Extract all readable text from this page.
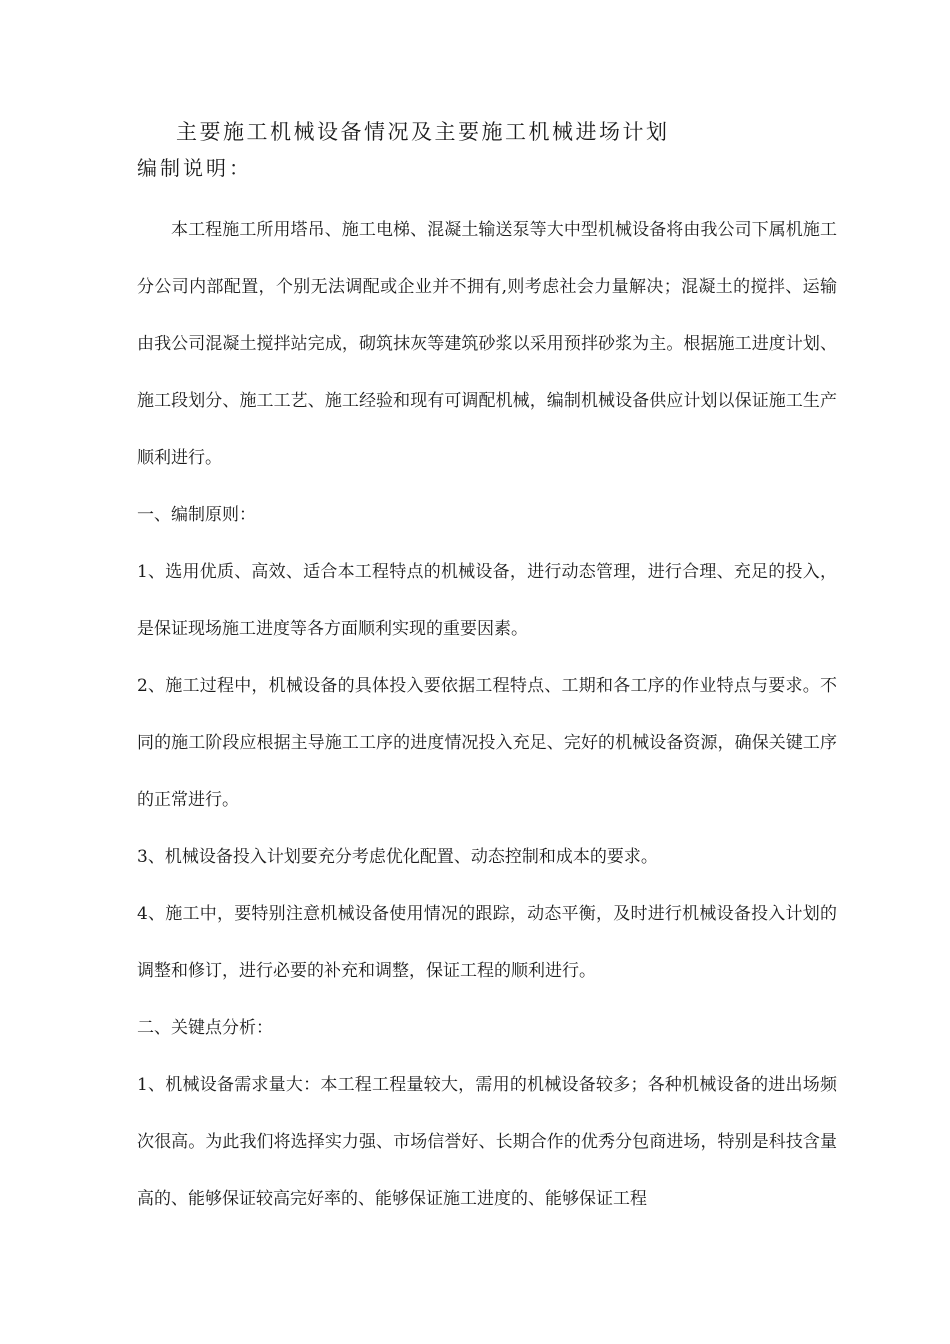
主要施工机械设备情况及主要施工机械进场计划
编制说明：

本工程施工所用塔吊、施工电梯、混凝土输送泵等大中型机械设备将由我公司下属机施工分公司内部配置，个别无法调配或企业并不拥有,则考虑社会力量解决；混凝土的搅拌、运输由我公司混凝土搅拌站完成，砌筑抹灰等建筑砂浆以采用预拌砂浆为主。根据施工进度计划、施工段划分、施工工艺、施工经验和现有可调配机械，编制机械设备供应计划以保证施工生产顺利进行。

一、编制原则：

1、选用优质、高效、适合本工程特点的机械设备，进行动态管理，进行合理、充足的投入，是保证现场施工进度等各方面顺利实现的重要因素。

2、施工过程中，机械设备的具体投入要依据工程特点、工期和各工序的作业特点与要求。不同的施工阶段应根据主导施工工序的进度情况投入充足、完好的机械设备资源，确保关键工序的正常进行。

3、机械设备投入计划要充分考虑优化配置、动态控制和成本的要求。

4、施工中，要特别注意机械设备使用情况的跟踪，动态平衡，及时进行机械设备投入计划的调整和修订，进行必要的补充和调整，保证工程的顺利进行。

二、关键点分析：

1、机械设备需求量大：本工程工程量较大，需用的机械设备较多；各种机械设备的进出场频次很高。为此我们将选择实力强、市场信誉好、长期合作的优秀分包商进场，特别是科技含量高的、能够保证较高完好率的、能够保证施工进度的、能够保证工程
